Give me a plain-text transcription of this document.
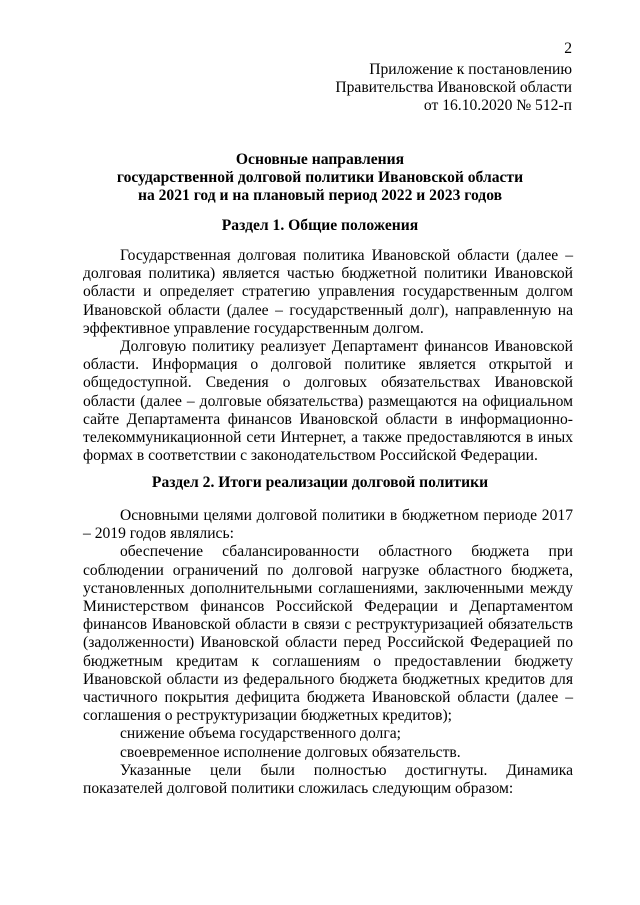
2
Приложение к постановлению
Правительства Ивановской области
от 16.10.2020 № 512-п
Основные направления
государственной долговой политики Ивановской области
на 2021 год и на плановый период 2022 и 2023 годов
Раздел 1. Общие положения

Государственная долговая политика Ивановской области (далее – долговая политика) является частью бюджетной политики Ивановской области и определяет стратегию управления государственным долгом Ивановской области (далее – государственный долг), направленную на эффективное управление государственным долгом.

Долговую политику реализует Департамент финансов Ивановской области. Информация о долговой политике является открытой и общедоступной. Сведения о долговых обязательствах Ивановской области (далее – долговые обязательства) размещаются на официальном сайте Департамента финансов Ивановской области в информационно-телекоммуникационной сети Интернет, а также предоставляются в иных формах в соответствии с законодательством Российской Федерации.

Раздел 2. Итоги реализации долговой политики

Основными целями долговой политики в бюджетном периоде 2017 – 2019 годов являлись:

обеспечение сбалансированности областного бюджета при соблюдении ограничений по долговой нагрузке областного бюджета, установленных дополнительными соглашениями, заключенными между Министерством финансов Российской Федерации и Департаментом финансов Ивановской области в связи с реструктуризацией обязательств (задолженности) Ивановской области перед Российской Федерацией по бюджетным кредитам к соглашениям о предоставлении бюджету Ивановской области из федерального бюджета бюджетных кредитов для частичного покрытия дефицита бюджета Ивановской области (далее – соглашения о реструктуризации бюджетных кредитов);

снижение объема государственного долга;

своевременное исполнение долговых обязательств.

Указанные цели были полностью достигнуты. Динамика показателей долговой политики сложилась следующим образом:
